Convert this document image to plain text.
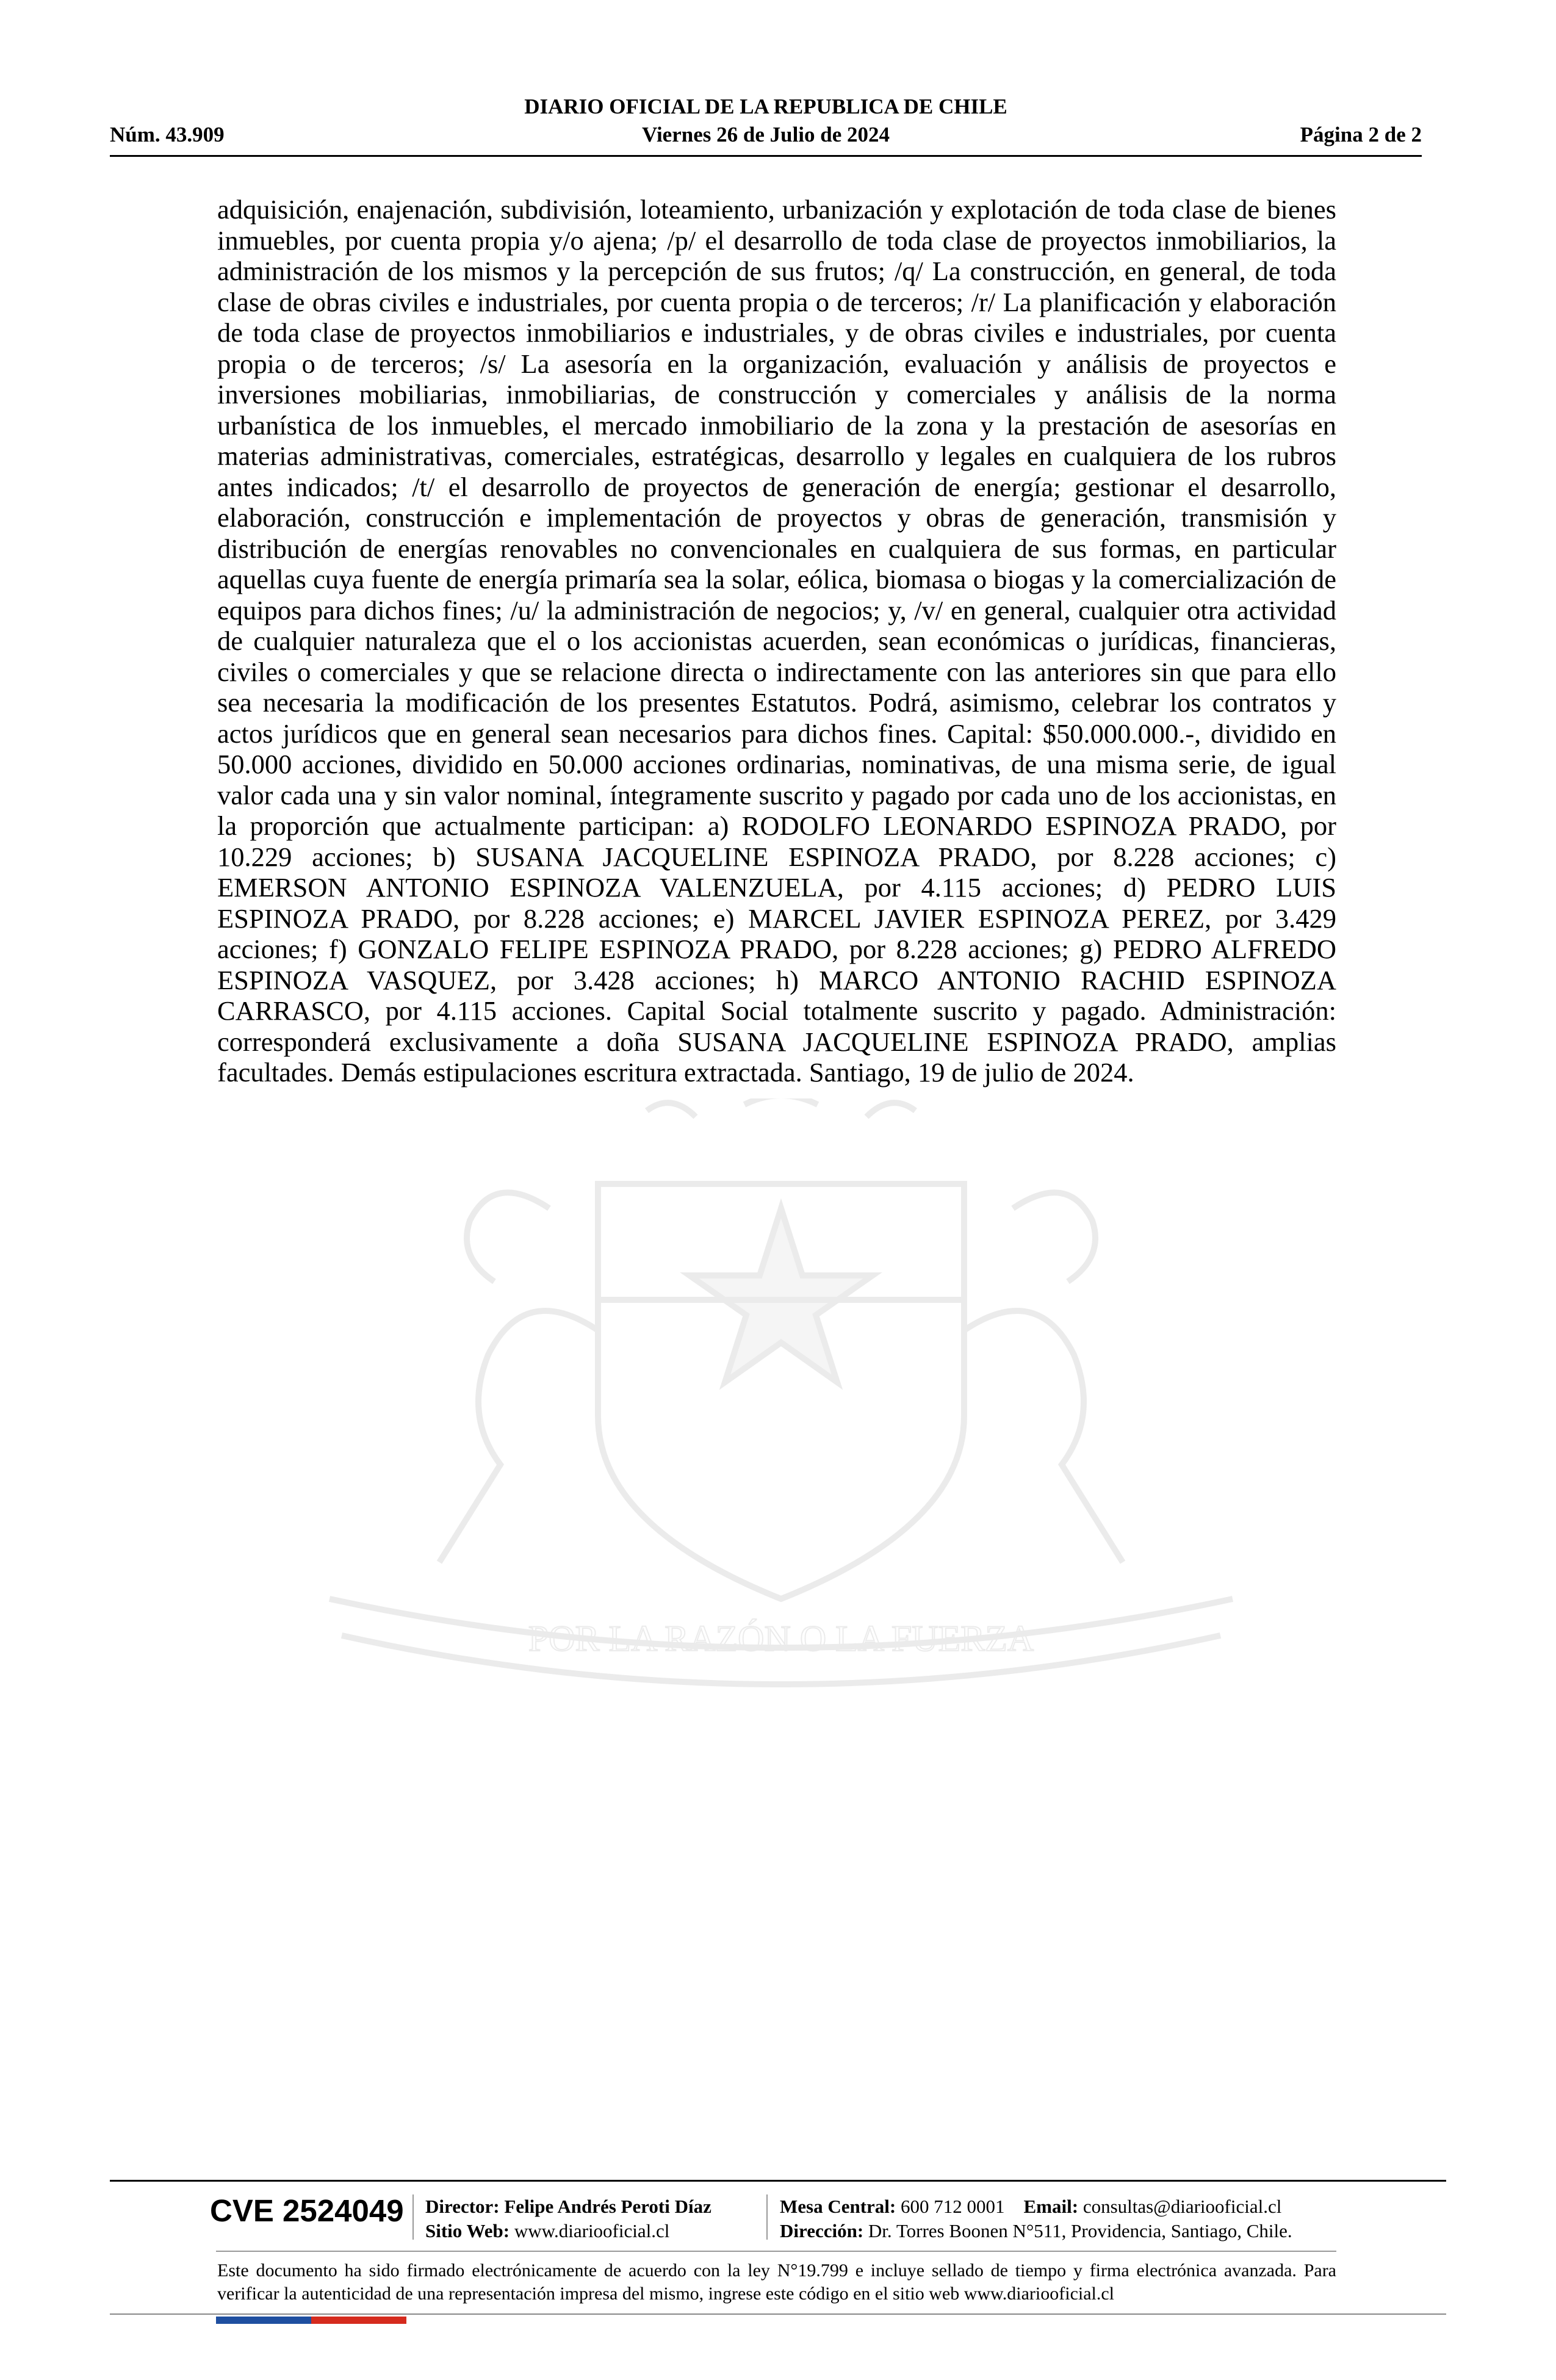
DIARIO OFICIAL DE LA REPUBLICA DE CHILE
Núm. 43.909	Viernes 26 de Julio de 2024	Página 2 de 2
POR LA RAZÓN O LA FUERZA
adquisición, enajenación, subdivisión, loteamiento, urbanización y explotación de toda clase de bienes inmuebles, por cuenta propia y/o ajena; /p/ el desarrollo de toda clase de proyectos inmobiliarios, la administración de los mismos y la percepción de sus frutos; /q/ La construcción, en general, de toda clase de obras civiles e industriales, por cuenta propia o de terceros; /r/ La planificación y elaboración de toda clase de proyectos inmobiliarios e industriales, y de obras civiles e industriales, por cuenta propia o de terceros; /s/ La asesoría en la organización, evaluación y análisis de proyectos e inversiones mobiliarias, inmobiliarias, de construcción y comerciales y análisis de la norma urbanística de los inmuebles, el mercado inmobiliario de la zona y la prestación de asesorías en materias administrativas, comerciales, estratégicas, desarrollo y legales en cualquiera de los rubros antes indicados; /t/ el desarrollo de proyectos de generación de energía; gestionar el desarrollo, elaboración, construcción e implementación de proyectos y obras de generación, transmisión y distribución de energías renovables no convencionales en cualquiera de sus formas, en particular aquellas cuya fuente de energía primaría sea la solar, eólica, biomasa o biogas y la comercialización de equipos para dichos fines; /u/ la administración de negocios; y, /v/ en general, cualquier otra actividad de cualquier naturaleza que el o los accionistas acuerden, sean económicas o jurídicas, financieras, civiles o comerciales y que se relacione directa o indirectamente con las anteriores sin que para ello sea necesaria la modificación de los presentes Estatutos. Podrá, asimismo, celebrar los contratos y actos jurídicos que en general sean necesarios para dichos fines. Capital: $50.000.000.-, dividido en 50.000 acciones, dividido en 50.000 acciones ordinarias, nominativas, de una misma serie, de igual valor cada una y sin valor nominal, íntegramente suscrito y pagado por cada uno de los accionistas, en la proporción que actualmente participan: a) RODOLFO LEONARDO ESPINOZA PRADO, por 10.229 acciones; b) SUSANA JACQUELINE ESPINOZA PRADO, por 8.228 acciones; c) EMERSON ANTONIO ESPINOZA VALENZUELA, por 4.115 acciones; d) PEDRO LUIS ESPINOZA PRADO, por 8.228 acciones; e) MARCEL JAVIER ESPINOZA PEREZ, por 3.429 acciones; f) GONZALO FELIPE ESPINOZA PRADO, por 8.228 acciones; g) PEDRO ALFREDO ESPINOZA VASQUEZ, por 3.428 acciones; h) MARCO ANTONIO RACHID ESPINOZA CARRASCO, por 4.115 acciones. Capital Social totalmente suscrito y pagado. Administración: corresponderá exclusivamente a doña SUSANA JACQUELINE ESPINOZA PRADO, amplias facultades. Demás estipulaciones escritura extractada. Santiago, 19 de julio de 2024.
CVE 2524049 Director: Felipe Andrés Peroti Díaz
Sitio Web: www.diariooficial.cl
Mesa Central: 600 712 0001 Email: consultas@diariooficial.cl
Dirección: Dr. Torres Boonen N°511, Providencia, Santiago, Chile.
Este documento ha sido firmado electrónicamente de acuerdo con la ley N°19.799 e incluye sellado de tiempo y firma electrónica avanzada. Para verificar la autenticidad de una representación impresa del mismo, ingrese este código en el sitio web www.diariooficial.cl
